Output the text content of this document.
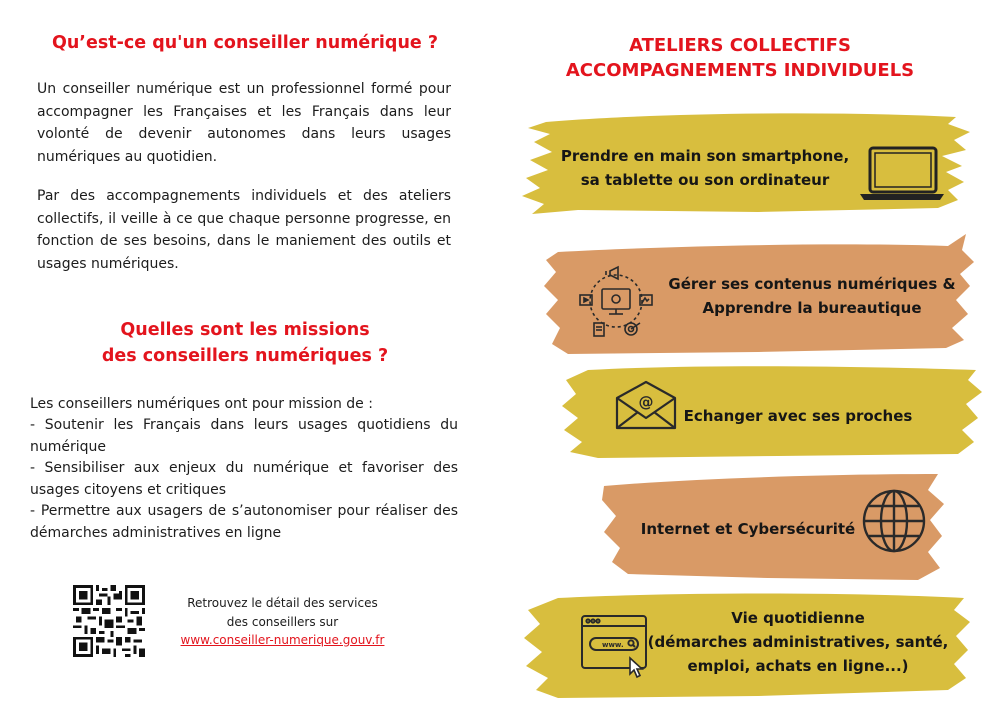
Qu’est-ce qu'un conseiller numérique ?
Un conseiller numérique est un professionnel formé pour accompagner les Françaises et les Français dans leur volonté de devenir autonomes dans leurs usages numériques au quotidien.
Par des accompagnements individuels et des ateliers collectifs, il veille à ce que chaque personne progresse, en fonction de ses besoins, dans le maniement des outils et usages numériques.
Quelles sont les missions
des conseillers numériques ?
Les conseillers numériques ont pour mission de :
- Soutenir les Français dans leurs usages quotidiens du numérique
- Sensibiliser aux enjeux du numérique et favoriser des usages citoyens et critiques
- Permettre aux usagers de s’autonomiser pour réaliser des démarches administratives en ligne
Retrouvez le détail des services
des conseillers sur
www.conseiller-numerique.gouv.fr
ATELIERS COLLECTIFS
ACCOMPAGNEMENTS INDIVIDUELS
Prendre en main son smartphone,
sa tablette ou son ordinateur
Gérer ses contenus numériques &
Apprendre la bureautique
Echanger avec ses proches
@
Internet et Cybersécurité
Vie quotidienne
(démarches administratives, santé,
emploi, achats en ligne...)
www.
